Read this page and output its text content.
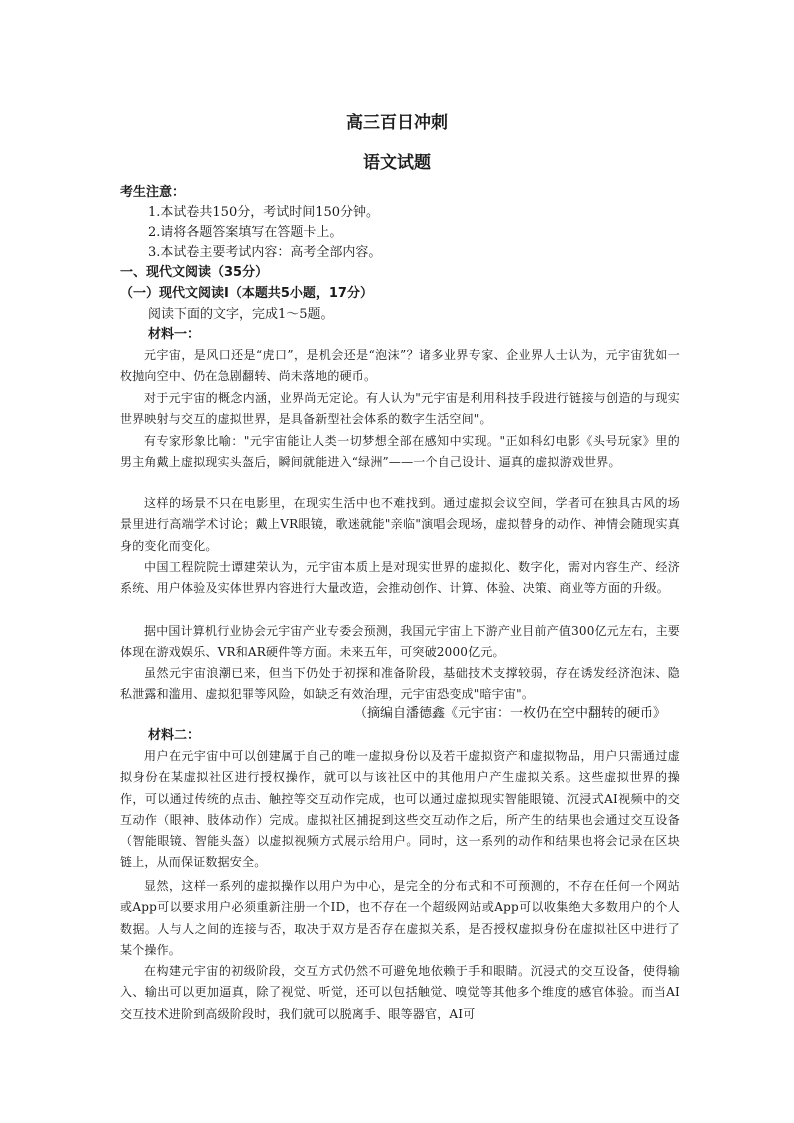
高三百日冲刺
语文试题
考生注意：
1.本试卷共150分，考试时间150分钟。
2.请将各题答案填写在答题卡上。
3.本试卷主要考试内容：高考全部内容。
一、现代文阅读（35分）
（一）现代文阅读Ⅰ（本题共5小题，17分）
阅读下面的文字，完成1～5题。
材料一：
元宇宙，是风口还是“虎口”，是机会还是“泡沫”？诸多业界专家、企业界人士认为，元宇宙犹如一枚抛向空中、仍在急剧翻转、尚未落地的硬币。
对于元宇宙的概念内涵，业界尚无定论。有人认为"元宇宙是利用科技手段进行链接与创造的与现实世界映射与交互的虚拟世界，是具备新型社会体系的数字生活空间"。
有专家形象比喻："元宇宙能让人类一切梦想全部在感知中实现。"正如科幻电影《头号玩家》里的男主角戴上虚拟现实头盔后，瞬间就能进入“绿洲”——一个自己设计、逼真的虚拟游戏世界。
这样的场景不只在电影里，在现实生活中也不难找到。通过虚拟会议空间，学者可在独具古风的场景里进行高端学术讨论；戴上VR眼镜，歌迷就能"亲临"演唱会现场，虚拟替身的动作、神情会随现实真身的变化而变化。
中国工程院院士谭建荣认为，元宇宙本质上是对现实世界的虚拟化、数字化，需对内容生产、经济系统、用户体验及实体世界内容进行大量改造，会推动创作、计算、体验、决策、商业等方面的升级。
据中国计算机行业协会元宇宙产业专委会预测，我国元宇宙上下游产业目前产值300亿元左右，主要体现在游戏娱乐、VR和AR硬件等方面。未来五年，可突破2000亿元。
虽然元宇宙浪潮已来，但当下仍处于初探和准备阶段，基础技术支撑较弱，存在诱发经济泡沫、隐私泄露和滥用、虚拟犯罪等风险，如缺乏有效治理，元宇宙恐变成"暗宇宙"。
（摘编自潘德鑫《元宇宙：一枚仍在空中翻转的硬币》
材料二：
用户在元宇宙中可以创建属于自己的唯一虚拟身份以及若干虚拟资产和虚拟物品，用户只需通过虚拟身份在某虚拟社区进行授权操作，就可以与该社区中的其他用户产生虚拟关系。这些虚拟世界的操作，可以通过传统的点击、触控等交互动作完成，也可以通过虚拟现实智能眼镜、沉浸式AI视频中的交互动作（眼神、肢体动作）完成。虚拟社区捕捉到这些交互动作之后，所产生的结果也会通过交互设备（智能眼镜、智能头盔）以虚拟视频方式展示给用户。同时，这一系列的动作和结果也将会记录在区块链上，从而保证数据安全。
显然，这样一系列的虚拟操作以用户为中心，是完全的分布式和不可预测的，不存在任何一个网站或App可以要求用户必须重新注册一个ID，也不存在一个超级网站或App可以收集绝大多数用户的个人数据。人与人之间的连接与否，取决于双方是否存在虚拟关系，是否授权虚拟身份在虚拟社区中进行了某个操作。
在构建元宇宙的初级阶段，交互方式仍然不可避免地依赖于手和眼睛。沉浸式的交互设备，使得输入、输出可以更加逼真，除了视觉、听觉，还可以包括触觉、嗅觉等其他多个维度的感官体验。而当AI交互技术进阶到高级阶段时，我们就可以脱离手、眼等器官，AI可
